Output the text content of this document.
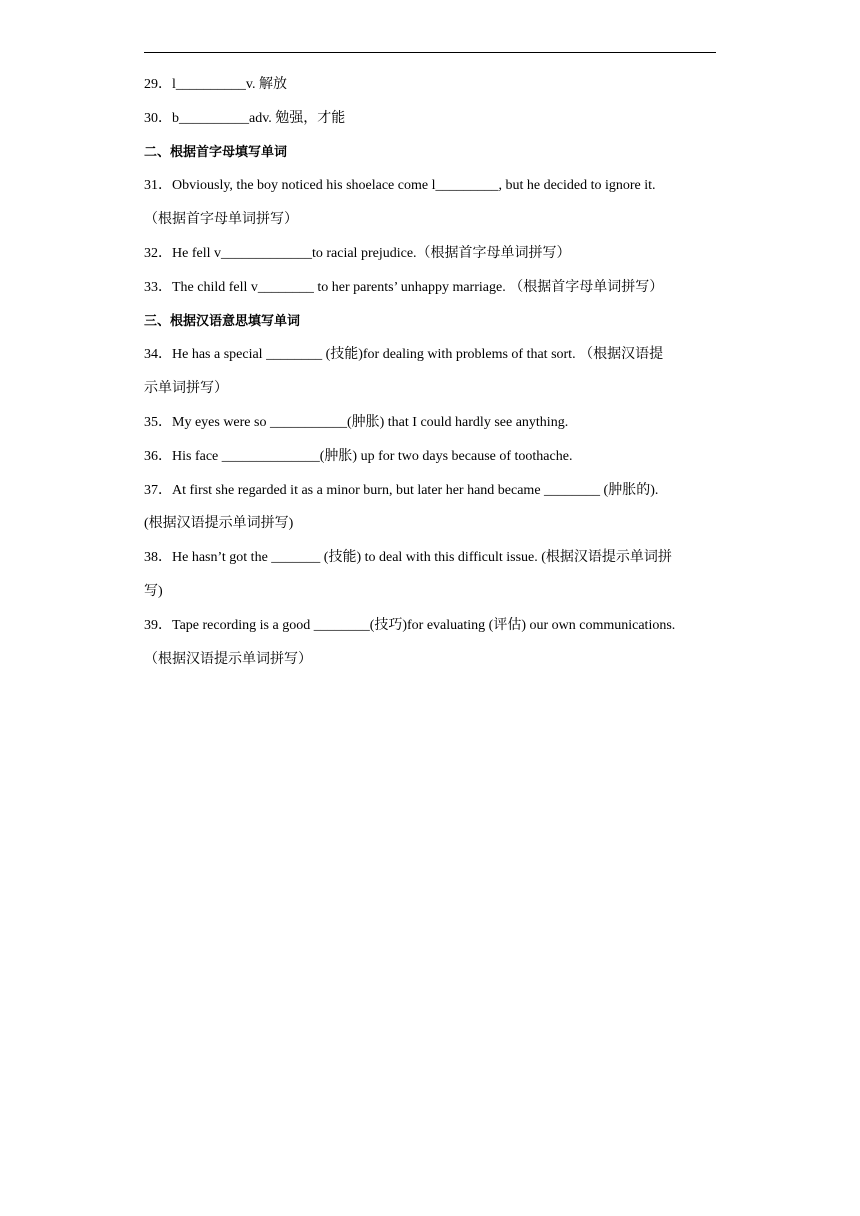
29．l__________v. 解放

30．b__________adv. 勉强，才能

二、根据首字母填写单词

31．Obviously, the boy noticed his shoelace come l_________, but he decided to ignore it.

（根据首字母单词拼写）

32．He fell v_____________to racial prejudice.（根据首字母单词拼写）

33．The child fell v________ to her parents’ unhappy marriage. （根据首字母单词拼写）

三、根据汉语意思填写单词

34．He has a special ________ (技能)for dealing with problems of that sort. （根据汉语提

示单词拼写）

35．My eyes were so ___________(肿胀) that I could hardly see anything.

36．His face ______________(肿胀) up for two days because of toothache.

37．At first she regarded it as a minor burn, but later her hand became ________ (肿胀的).

(根据汉语提示单词拼写)

38．He hasn’t got the _______ (技能) to deal with this difficult issue. (根据汉语提示单词拼

写)

39．Tape recording is a good ________(技巧)for evaluating (评估) our own communications.

（根据汉语提示单词拼写）
